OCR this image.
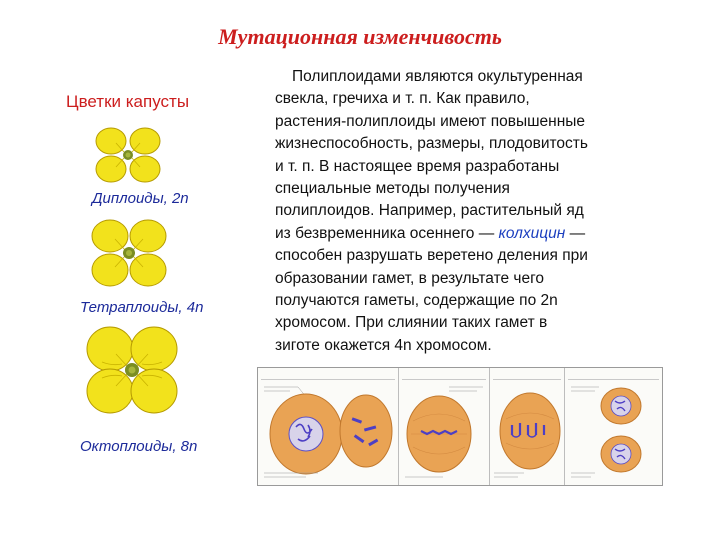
Мутационная изменчивость
Цветки капусты
Диплоиды, 2n
Тетраплоиды, 4n
Октоплоиды, 8n
Полиплоидами являются окультуренная
свекла, гречиха и т. п. Как правило,
растения-полиплоиды имеют повышенные
жизнеспособность, размеры, плодовитость
и т. п. В настоящее время разработаны
специальные методы получения
полиплоидов. Например, растительный яд
из безвременника осеннего — колхицин —
способен разрушать веретено деления при
образовании гамет, в результате чего
получаются гаметы, содержащие по 2n
хромосом. При слиянии таких гамет в
зиготе окажется 4n хромосом.
